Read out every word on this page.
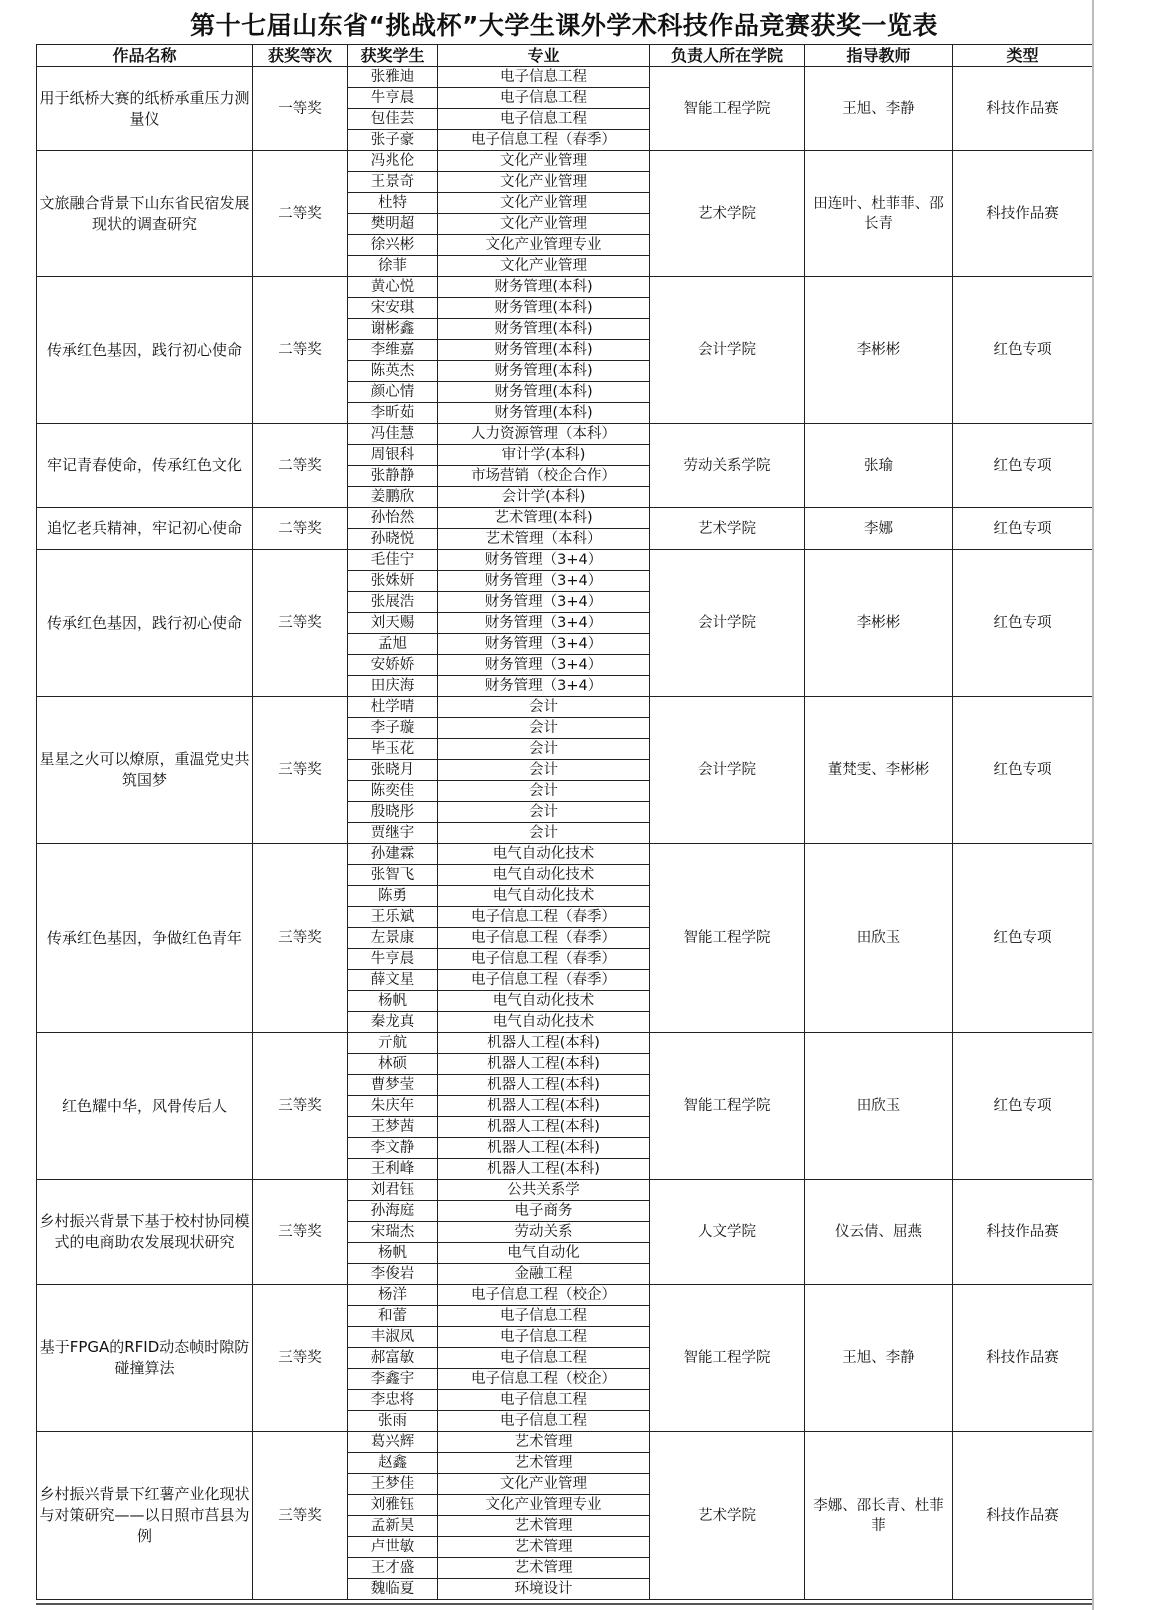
第十七届山东省“挑战杯”大学生课外学术科技作品竞赛获奖一览表
作品名称	获奖等次	获奖学生	专业	负责人所在学院	指导教师	类型
用于纸桥大赛的纸桥承重压力测量仪	一等奖	张雅迪	电子信息工程	智能工程学院	王旭、李静	科技作品赛
		牛亨晨	电子信息工程			
		包佳芸	电子信息工程			
		张子豪	电子信息工程（春季）			
文旅融合背景下山东省民宿发展现状的调查研究	二等奖	冯兆伦	文化产业管理	艺术学院	田连叶、杜菲菲、邵长青	科技作品赛
		王景奇	文化产业管理			
		杜特	文化产业管理			
		樊明超	文化产业管理			
		徐兴彬	文化产业管理专业			
		徐菲	文化产业管理			
传承红色基因，践行初心使命	二等奖	黄心悦	财务管理(本科)	会计学院	李彬彬	红色专项
		宋安琪	财务管理(本科)			
		谢彬鑫	财务管理(本科)			
		李维嘉	财务管理(本科)			
		陈英杰	财务管理(本科)			
		颜心情	财务管理(本科)			
		李昕茹	财务管理(本科)			
牢记青春使命，传承红色文化	二等奖	冯佳慧	人力资源管理（本科）	劳动关系学院	张瑜	红色专项
		周银科	审计学(本科)			
		张静静	市场营销（校企合作）			
		姜鹏欣	会计学(本科)			
追忆老兵精神，牢记初心使命	二等奖	孙怡然	艺术管理(本科)	艺术学院	李娜	红色专项
		孙晓悦	艺术管理（本科）			
传承红色基因，践行初心使命	三等奖	毛佳宁	财务管理（3+4）	会计学院	李彬彬	红色专项
		张姝妍	财务管理（3+4）			
		张展浩	财务管理（3+4）			
		刘天赐	财务管理（3+4）			
		孟旭	财务管理（3+4）			
		安娇娇	财务管理（3+4）			
		田庆海	财务管理（3+4）			
星星之火可以燎原，重温党史共筑国梦	三等奖	杜学晴	会计	会计学院	董梵雯、李彬彬	红色专项
		李子璇	会计			
		毕玉花	会计			
		张晓月	会计			
		陈奕佳	会计			
		殷晓彤	会计			
		贾继宇	会计			
传承红色基因，争做红色青年	三等奖	孙建霖	电气自动化技术	智能工程学院	田欣玉	红色专项
		张智飞	电气自动化技术			
		陈勇	电气自动化技术			
		王乐斌	电子信息工程（春季）			
		左景康	电子信息工程（春季）			
		牛亨晨	电子信息工程（春季）			
		薛文星	电子信息工程（春季）			
		杨帆	电气自动化技术			
		秦龙真	电气自动化技术			
红色耀中华，风骨传后人	三等奖	亓航	机器人工程(本科)	智能工程学院	田欣玉	红色专项
		林硕	机器人工程(本科)			
		曹梦莹	机器人工程(本科)			
		朱庆年	机器人工程(本科)			
		王梦茜	机器人工程(本科)			
		李文静	机器人工程(本科)			
		王利峰	机器人工程(本科)			
乡村振兴背景下基于校村协同模式的电商助农发展现状研究	三等奖	刘君钰	公共关系学	人文学院	仪云倩、屈燕	科技作品赛
		孙海庭	电子商务			
		宋瑞杰	劳动关系			
		杨帆	电气自动化			
		李俊岩	金融工程			
基于FPGA的RFID动态帧时隙防碰撞算法	三等奖	杨洋	电子信息工程（校企）	智能工程学院	王旭、李静	科技作品赛
		和蕾	电子信息工程			
		丰淑凤	电子信息工程			
		郝富敏	电子信息工程			
		李鑫宇	电子信息工程（校企）			
		李忠将	电子信息工程			
		张雨	电子信息工程			
乡村振兴背景下红薯产业化现状与对策研究——以日照市莒县为例	三等奖	葛兴辉	艺术管理	艺术学院	李娜、邵长青、杜菲菲	科技作品赛
		赵鑫	艺术管理			
		王梦佳	文化产业管理			
		刘雅钰	文化产业管理专业			
		孟新昊	艺术管理			
		卢世敏	艺术管理			
		王才盛	艺术管理			
		魏临夏	环境设计			
